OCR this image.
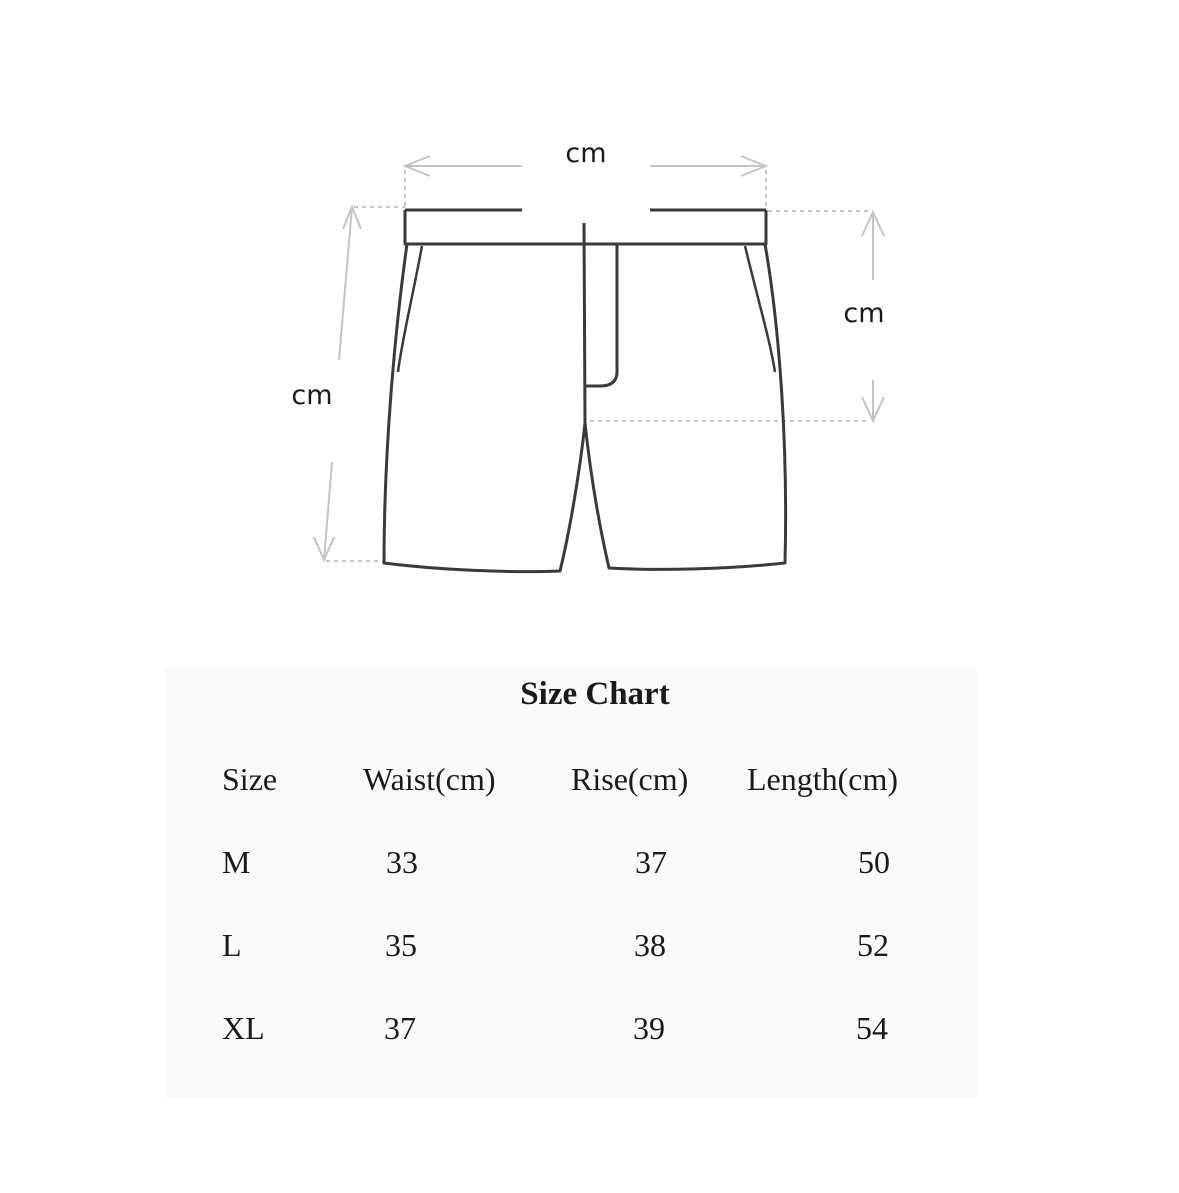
cm
cm
cm
Size Chart
Size	Waist(cm) Rise(cm) Length(cm)
M	33	37	50
L	35	38	52
XL	37	39	54
